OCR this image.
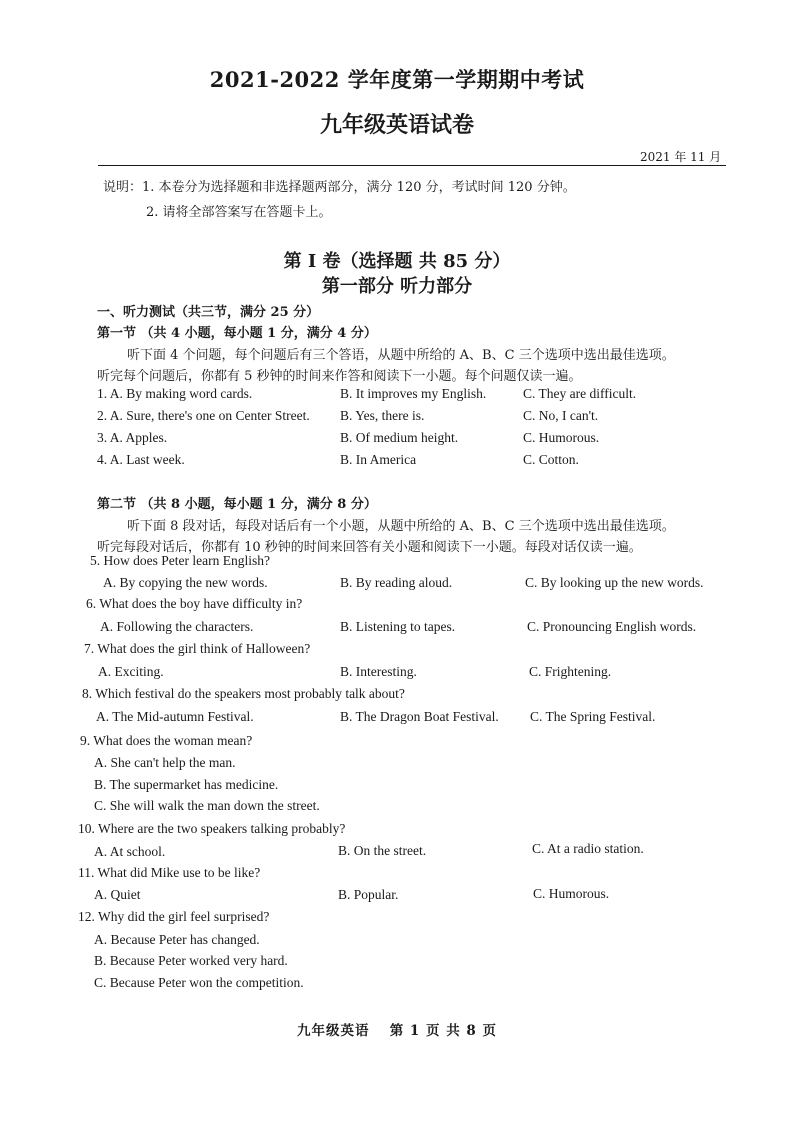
2021-2022 学年度第一学期期中考试
九年级英语试卷
2021 年 11 月
说明：1. 本卷分为选择题和非选择题两部分，满分 120 分，考试时间 120 分钟。
2. 请将全部答案写在答题卡上。
第 I 卷（选择题 共 85 分）
第一部分 听力部分
一、听力测试（共三节，满分 25 分）
第一节 （共 4 小题，每小题 1 分，满分 4 分）
听下面 4 个问题，每个问题后有三个答语，从题中所给的 A、B、C 三个选项中选出最佳选项。
听完每个问题后，你都有 5 秒钟的时间来作答和阅读下一小题。每个问题仅读一遍。
1. A. By making word cards.	B. It improves my English.	C. They are difficult.
2. A. Sure, there's one on Center Street. B. Yes, there is.	C. No, I can't.
3. A. Apples.	B. Of medium height.	C. Humorous.
4. A. Last week.	B. In America	C. Cotton.
第二节 （共 8 小题，每小题 1 分，满分 8 分）
听下面 8 段对话，每段对话后有一个小题，从题中所给的 A、B、C 三个选项中选出最佳选项。
听完每段对话后，你都有 10 秒钟的时间来回答有关小题和阅读下一小题。每段对话仅读一遍。
5. How does Peter learn English?
A. By copying the new words.	B. By reading aloud.	C. By looking up the new words.
6. What does the boy have difficulty in?
A. Following the characters.	B. Listening to tapes.	C. Pronouncing English words.
7. What does the girl think of Halloween?
A. Exciting.	B. Interesting.	C. Frightening.
8. Which festival do the speakers most probably talk about?
A. The Mid-autumn Festival.	B. The Dragon Boat Festival. C. The Spring Festival.
9. What does the woman mean?
A. She can't help the man.
B. The supermarket has medicine.
C. She will walk the man down the street.
10. Where are the two speakers talking probably?
A. At school.	B. On the street.	C. At a radio station.
11. What did Mike use to be like?
A. Quiet	B. Popular.	C. Humorous.
12. Why did the girl feel surprised?
A. Because Peter has changed.
B. Because Peter worked very hard.
C. Because Peter won the competition.
九年级英语　 第 1 页 共 8 页
